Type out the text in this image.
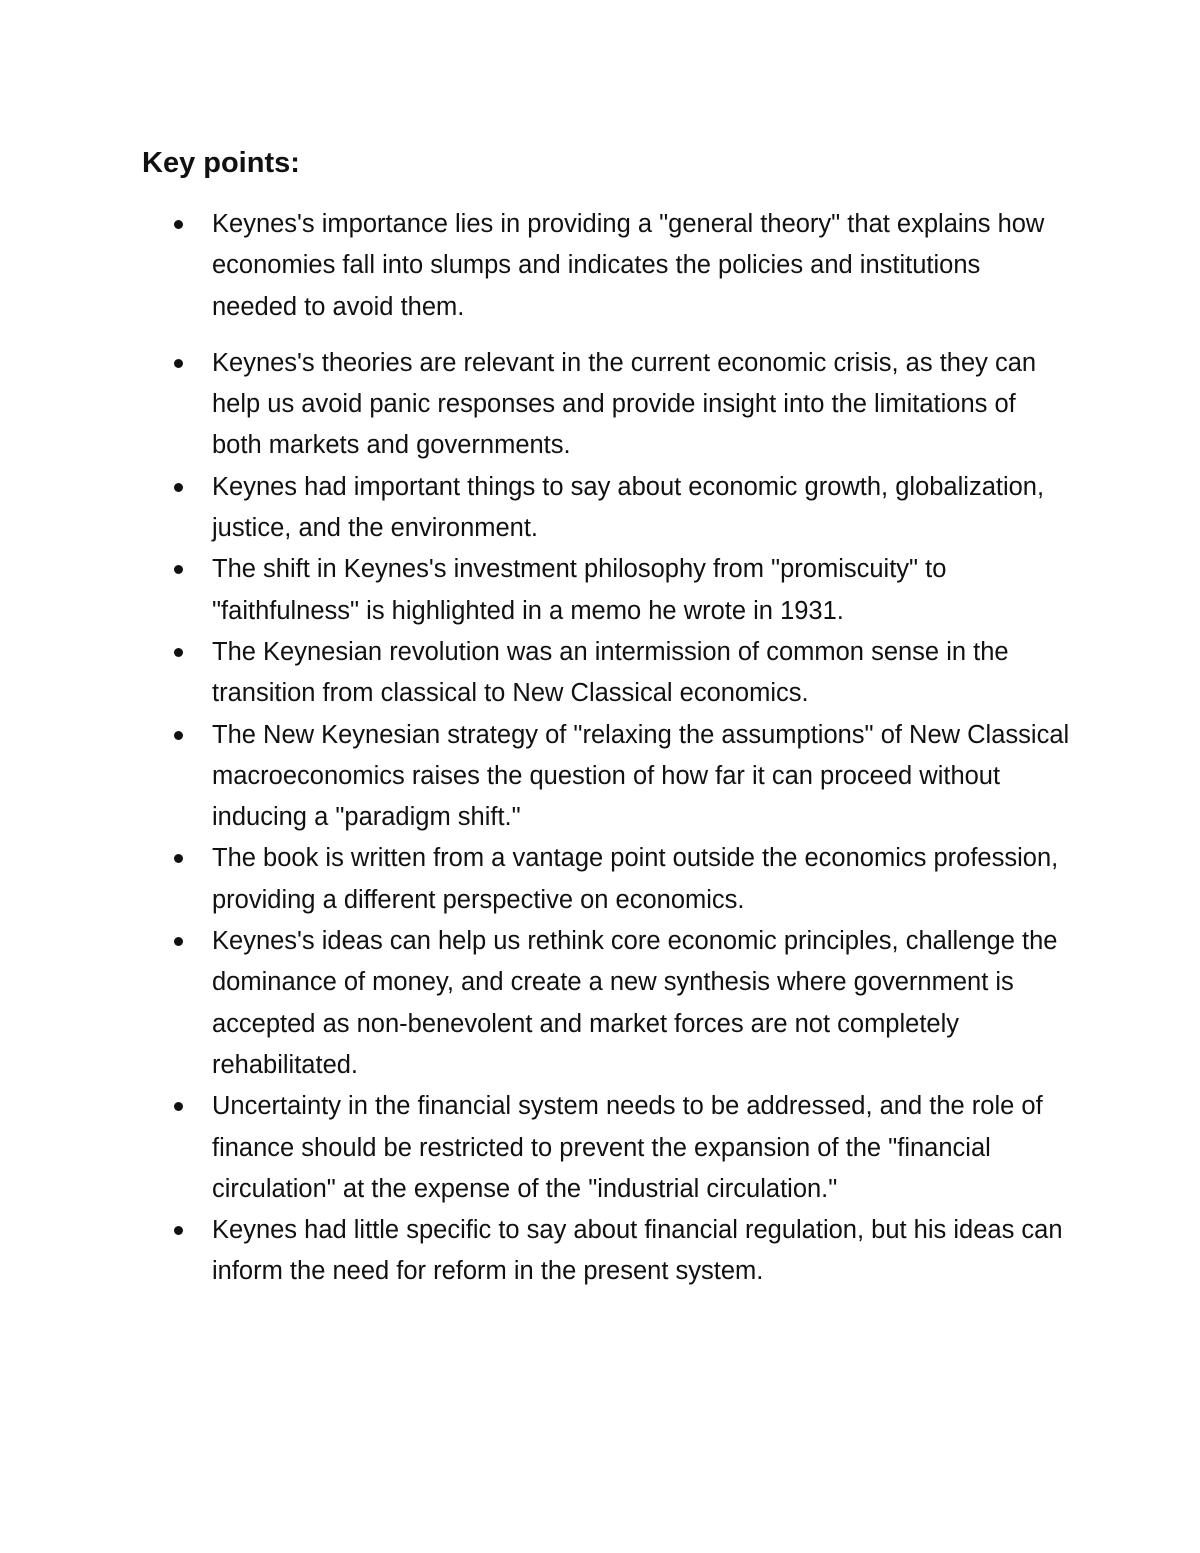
Key points:
Keynes's importance lies in providing a "general theory" that explains how economies fall into slumps and indicates the policies and institutions needed to avoid them.
Keynes's theories are relevant in the current economic crisis, as they can help us avoid panic responses and provide insight into the limitations of both markets and governments.
Keynes had important things to say about economic growth, globalization, justice, and the environment.
The shift in Keynes's investment philosophy from "promiscuity" to "faithfulness" is highlighted in a memo he wrote in 1931.
The Keynesian revolution was an intermission of common sense in the transition from classical to New Classical economics.
The New Keynesian strategy of "relaxing the assumptions" of New Classical macroeconomics raises the question of how far it can proceed without inducing a "paradigm shift."
The book is written from a vantage point outside the economics profession, providing a different perspective on economics.
Keynes's ideas can help us rethink core economic principles, challenge the dominance of money, and create a new synthesis where government is accepted as non-benevolent and market forces are not completely rehabilitated.
Uncertainty in the financial system needs to be addressed, and the role of finance should be restricted to prevent the expansion of the "financial circulation" at the expense of the "industrial circulation."
Keynes had little specific to say about financial regulation, but his ideas can inform the need for reform in the present system.
